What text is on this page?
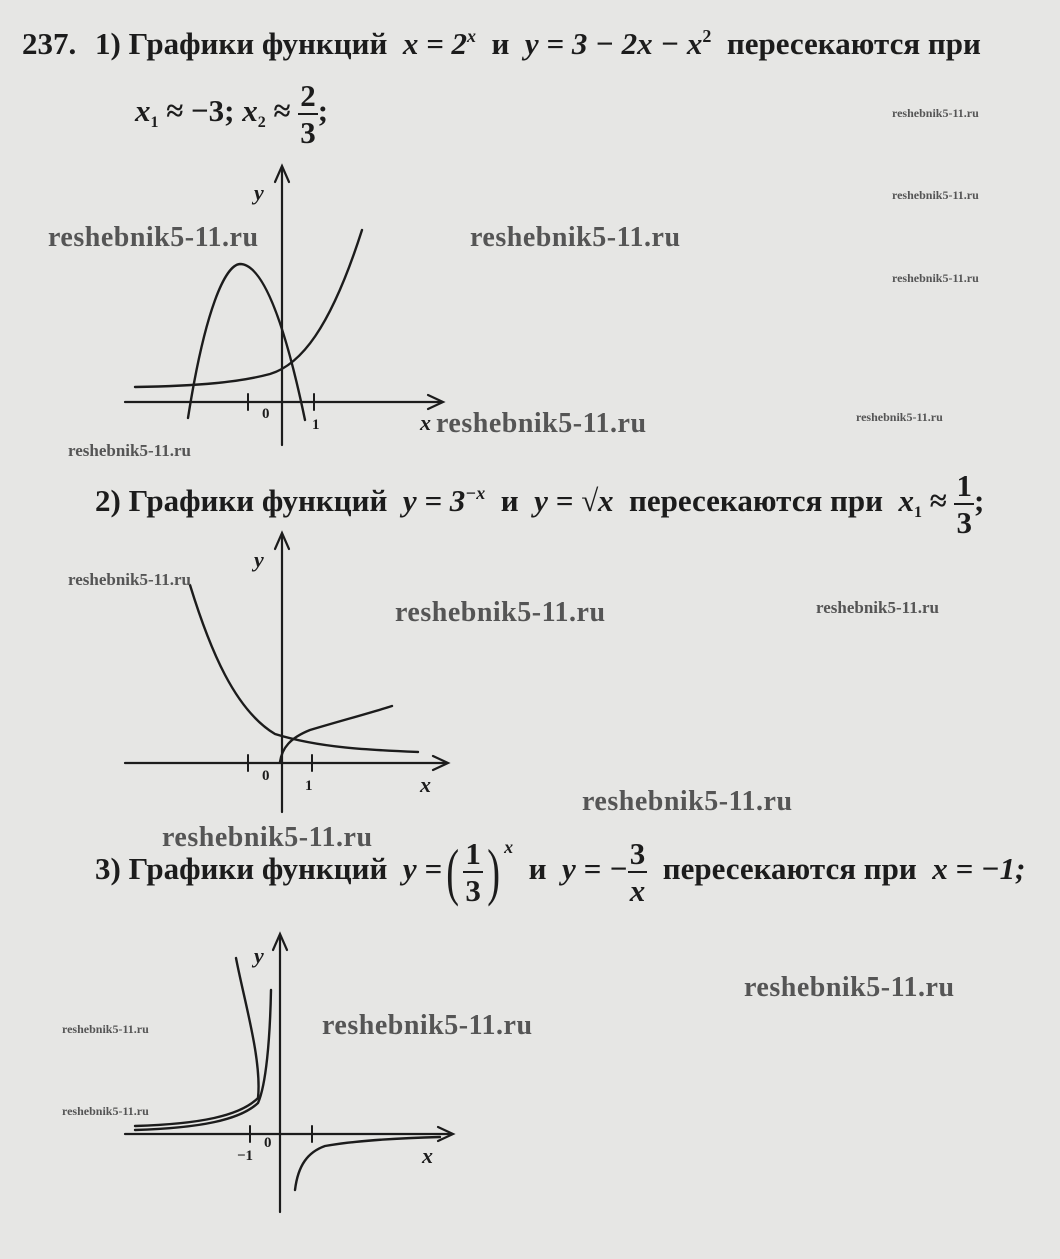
237. 1) Графики функций $x = 2^x$ и $y = 3 - 2x - x^2$ пересекаются при
$x_1 \approx -3$; $x_2 \approx \frac{2}{3}$ ;
y
x
0
1
2) Графики функций $y = 3^{-x}$ и y = √x пересекаются при $x_1 \approx \frac{1}{3}$ ;
y
x
0
1
3) Графики функций y =( $\frac{1}{3}$ ) $^x$  и y = − $\frac{3}{x}$ пересекаются при x = −1;
y
x
−1
0
reshebnik5-11.ru	reshebnik5-11.ru
reshebnik5-11.ru
reshebnik5-11.ru
reshebnik5-11.ru
reshebnik5-11.ru
reshebnik5-11.ru
reshebnik5-11.ru
reshebnik5-11.ru
reshebnik5-11.ru
reshebnik5-11.ru
reshebnik5-11.ru
reshebnik5-11.ru
reshebnik5-11.ru
reshebnik5-11.ru
reshebnik5-11.ru
reshebnik5-11.ru
